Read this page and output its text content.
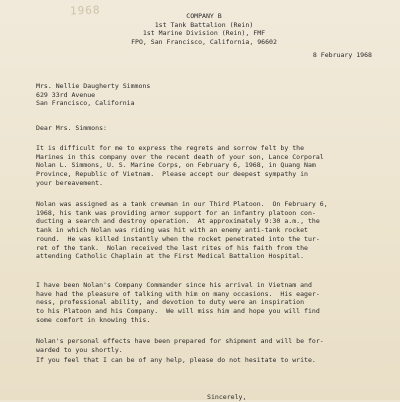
1968	COMPANY B

1st Tank Battalion (Rein)

1st Marine Division (Rein), FMF

FPO, San Francisco, California, 96602

8 February 1968

Mrs. Nellie Daugherty Simmons

629 33rd Avenue

San Francisco, California

Dear Mrs. Simmons:

It is difficult for me to express the regrets and sorrow felt by the

Marines in this company over the recent death of your son, Lance Corporal

Nolan L. Simmons, U. S. Marine Corps, on February 6, 1968, in Quang Nam

Province, Republic of Vietnam.  Please accept our deepest sympathy in

your bereavement.

Nolan was assigned as a tank crewman in our Third Platoon.  On February 6,

1968, his tank was providing armor support for an infantry platoon con-

ducting a search and destroy operation.  At approximately 9:30 a.m., the

tank in which Nolan was riding was hit with an enemy anti-tank rocket

round.  He was killed instantly when the rocket penetrated into the tur-

ret of the tank.  Nolan received the last rites of his faith from the

attending Catholic Chaplain at the First Medical Battalion Hospital.

I have been Nolan's Company Commander since his arrival in Vietnam and

have had the pleasure of talking with him on many occasions.  His eager-

ness, professional ability, and devotion to duty were an inspiration

to his Platoon and his Company.  We will miss him and hope you will find

some comfort in knowing this.

Nolan's personal effects have been prepared for shipment and will be for-

warded to you shortly.

If you feel that I can be of any help, please do not hesitate to write.

Sincerely,
